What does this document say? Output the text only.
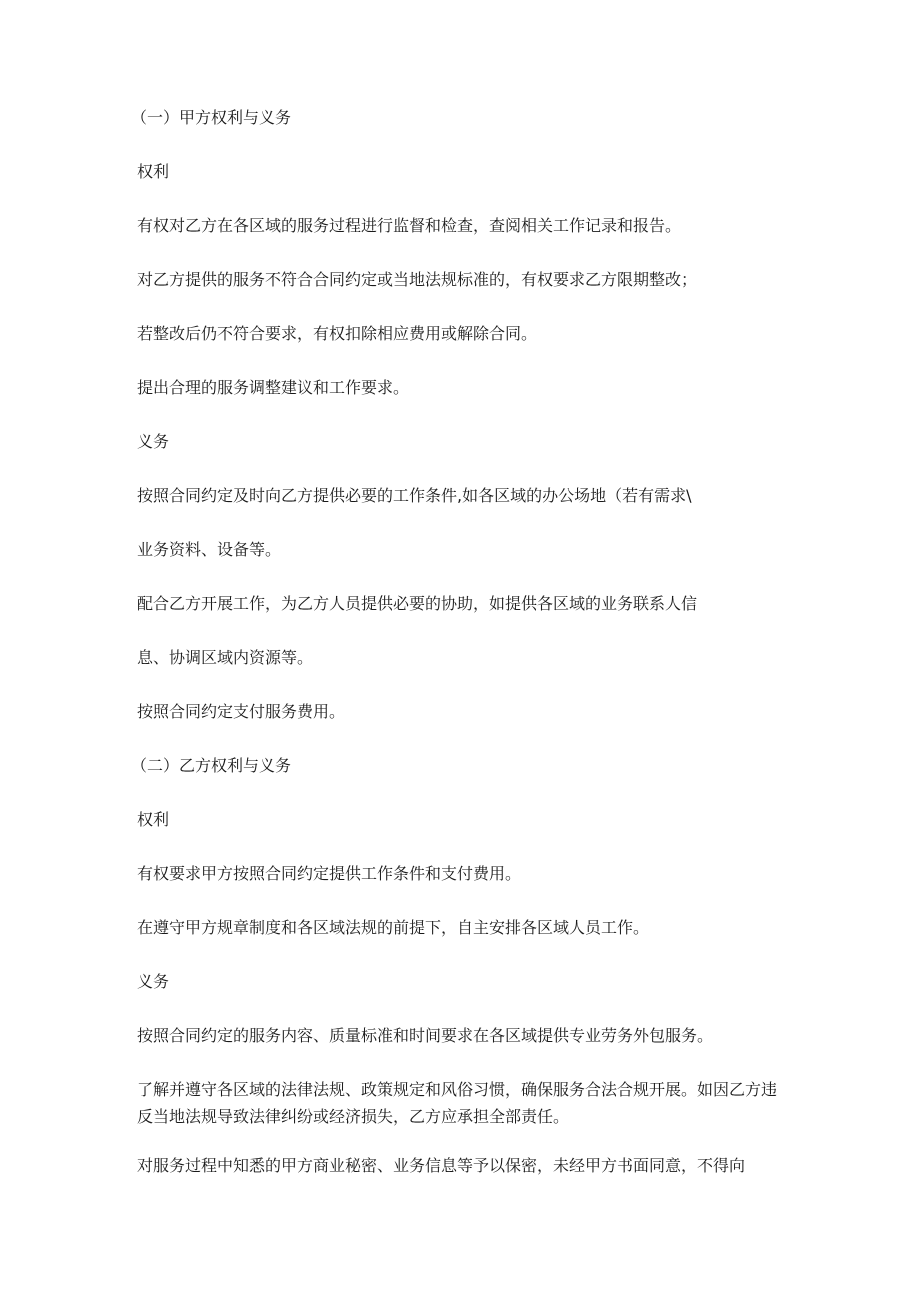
（一）甲方权利与义务

权利

有权对乙方在各区域的服务过程进行监督和检查，查阅相关工作记录和报告。

对乙方提供的服务不符合合同约定或当地法规标准的，有权要求乙方限期整改；

若整改后仍不符合要求，有权扣除相应费用或解除合同。

提出合理的服务调整建议和工作要求。

义务

按照合同约定及时向乙方提供必要的工作条件,如各区域的办公场地（若有需求\

业务资料、设备等。

配合乙方开展工作，为乙方人员提供必要的协助，如提供各区域的业务联系人信

息、协调区域内资源等。

按照合同约定支付服务费用。

（二）乙方权利与义务

权利

有权要求甲方按照合同约定提供工作条件和支付费用。

在遵守甲方规章制度和各区域法规的前提下，自主安排各区域人员工作。

义务

按照合同约定的服务内容、质量标准和时间要求在各区域提供专业劳务外包服务。

了解并遵守各区域的法律法规、政策规定和风俗习惯，确保服务合法合规开展。如因乙方违反当地法规导致法律纠纷或经济损失，乙方应承担全部责任。

对服务过程中知悉的甲方商业秘密、业务信息等予以保密，未经甲方书面同意，不得向
